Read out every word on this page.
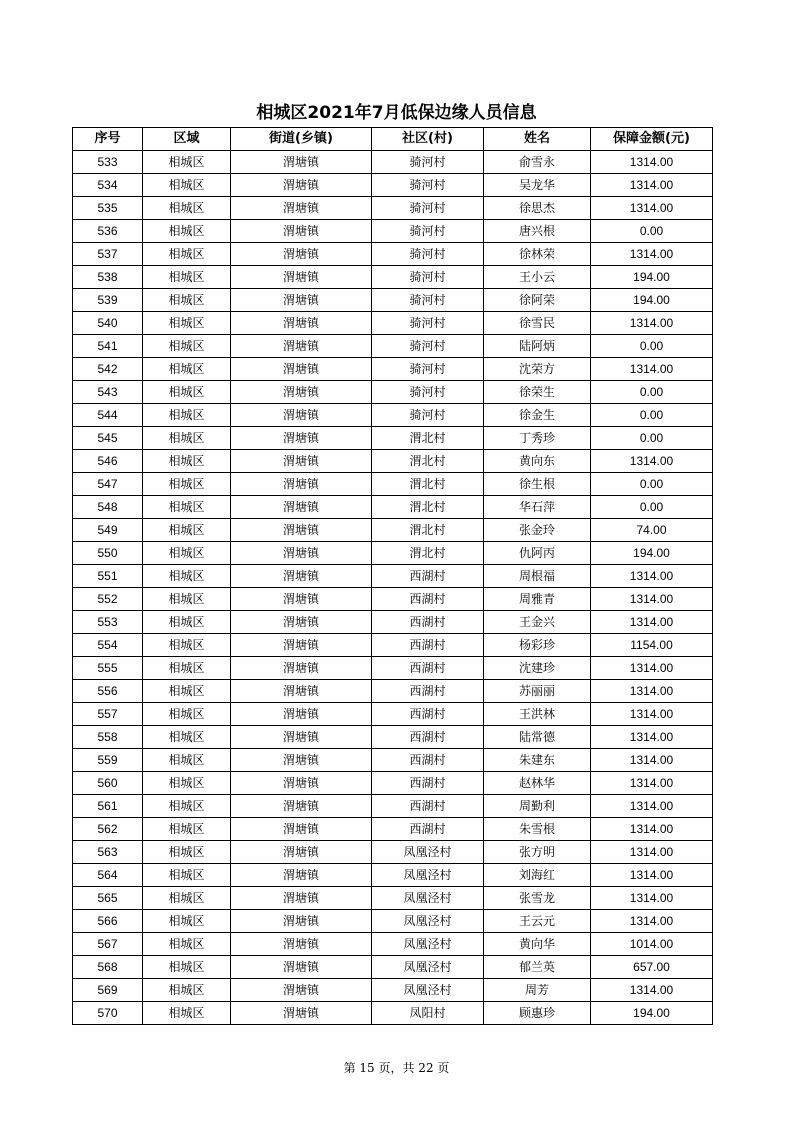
相城区2021年7月低保边缘人员信息
序号	区域	街道(乡镇)	社区(村)	姓名	保障金额(元)
533	相城区	渭塘镇	骑河村	俞雪永	1314.00
534	相城区	渭塘镇	骑河村	吴龙华	1314.00
535	相城区	渭塘镇	骑河村	徐思杰	1314.00
536	相城区	渭塘镇	骑河村	唐兴根	0.00
537	相城区	渭塘镇	骑河村	徐林荣	1314.00
538	相城区	渭塘镇	骑河村	王小云	194.00
539	相城区	渭塘镇	骑河村	徐阿荣	194.00
540	相城区	渭塘镇	骑河村	徐雪民	1314.00
541	相城区	渭塘镇	骑河村	陆阿炳	0.00
542	相城区	渭塘镇	骑河村	沈荣方	1314.00
543	相城区	渭塘镇	骑河村	徐荣生	0.00
544	相城区	渭塘镇	骑河村	徐金生	0.00
545	相城区	渭塘镇	渭北村	丁秀珍	0.00
546	相城区	渭塘镇	渭北村	黄向东	1314.00
547	相城区	渭塘镇	渭北村	徐生根	0.00
548	相城区	渭塘镇	渭北村	华石萍	0.00
549	相城区	渭塘镇	渭北村	张金玲	74.00
550	相城区	渭塘镇	渭北村	仇阿丙	194.00
551	相城区	渭塘镇	西湖村	周根福	1314.00
552	相城区	渭塘镇	西湖村	周雅青	1314.00
553	相城区	渭塘镇	西湖村	王金兴	1314.00
554	相城区	渭塘镇	西湖村	杨彩珍	1154.00
555	相城区	渭塘镇	西湖村	沈建珍	1314.00
556	相城区	渭塘镇	西湖村	苏丽丽	1314.00
557	相城区	渭塘镇	西湖村	王洪林	1314.00
558	相城区	渭塘镇	西湖村	陆常德	1314.00
559	相城区	渭塘镇	西湖村	朱建东	1314.00
560	相城区	渭塘镇	西湖村	赵林华	1314.00
561	相城区	渭塘镇	西湖村	周勤利	1314.00
562	相城区	渭塘镇	西湖村	朱雪根	1314.00
563	相城区	渭塘镇	凤凰泾村	张方明	1314.00
564	相城区	渭塘镇	凤凰泾村	刘海红	1314.00
565	相城区	渭塘镇	凤凰泾村	张雪龙	1314.00
566	相城区	渭塘镇	凤凰泾村	王云元	1314.00
567	相城区	渭塘镇	凤凰泾村	黄向华	1014.00
568	相城区	渭塘镇	凤凰泾村	郁兰英	657.00
569	相城区	渭塘镇	凤凰泾村	周芳	1314.00
570	相城区	渭塘镇	凤阳村	顾惠珍	194.00
第 15 页，共 22 页
